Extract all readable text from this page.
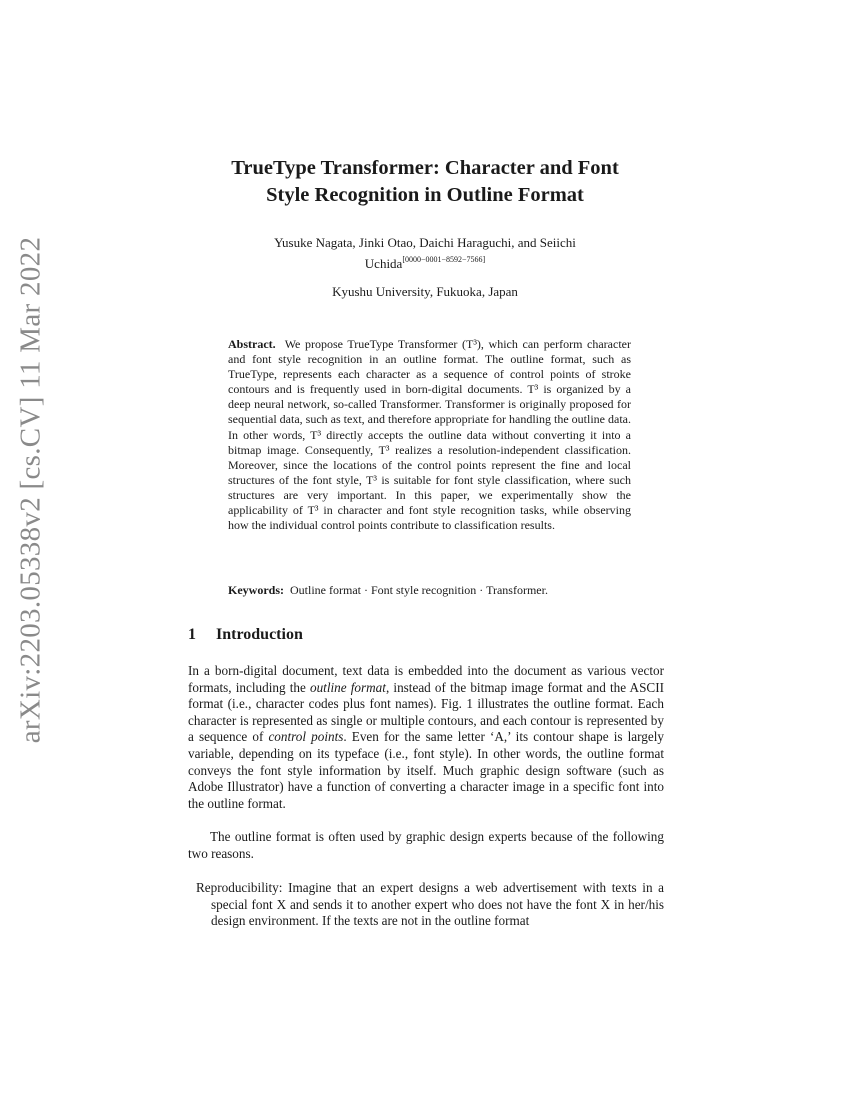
arXiv:2203.05338v2 [cs.CV] 11 Mar 2022
TrueType Transformer: Character and Font
Style Recognition in Outline Format
Yusuke Nagata, Jinki Otao, Daichi Haraguchi, and Seiichi
Uchida[0000−0001−8592−7566]
Kyushu University, Fukuoka, Japan
Abstract. We propose TrueType Transformer (T³), which can perform character and font style recognition in an outline format. The outline format, such as TrueType, represents each character as a sequence of control points of stroke contours and is frequently used in born-digital documents. T³ is organized by a deep neural network, so-called Transformer. Transformer is originally proposed for sequential data, such as text, and therefore appropriate for handling the outline data. In other words, T³ directly accepts the outline data without converting it into a bitmap image. Consequently, T³ realizes a resolution-independent classification. Moreover, since the locations of the control points represent the fine and local structures of the font style, T³ is suitable for font style classification, where such structures are very important. In this paper, we experimentally show the applicability of T³ in character and font style recognition tasks, while observing how the individual control points contribute to classification results.
Keywords: Outline format · Font style recognition · Transformer.
1 Introduction
In a born-digital document, text data is embedded into the document as various vector formats, including the outline format, instead of the bitmap image format and the ASCII format (i.e., character codes plus font names). Fig. 1 illustrates the outline format. Each character is represented as single or multiple contours, and each contour is represented by a sequence of control points. Even for the same letter ‘A,’ its contour shape is largely variable, depending on its typeface (i.e., font style). In other words, the outline format conveys the font style information by itself. Much graphic design software (such as Adobe Illustrator) have a function of converting a character image in a specific font into the outline format.
The outline format is often used by graphic design experts because of the following two reasons.
Reproducibility: Imagine that an expert designs a web advertisement with texts in a special font X and sends it to another expert who does not have the font X in her/his design environment. If the texts are not in the outline format
